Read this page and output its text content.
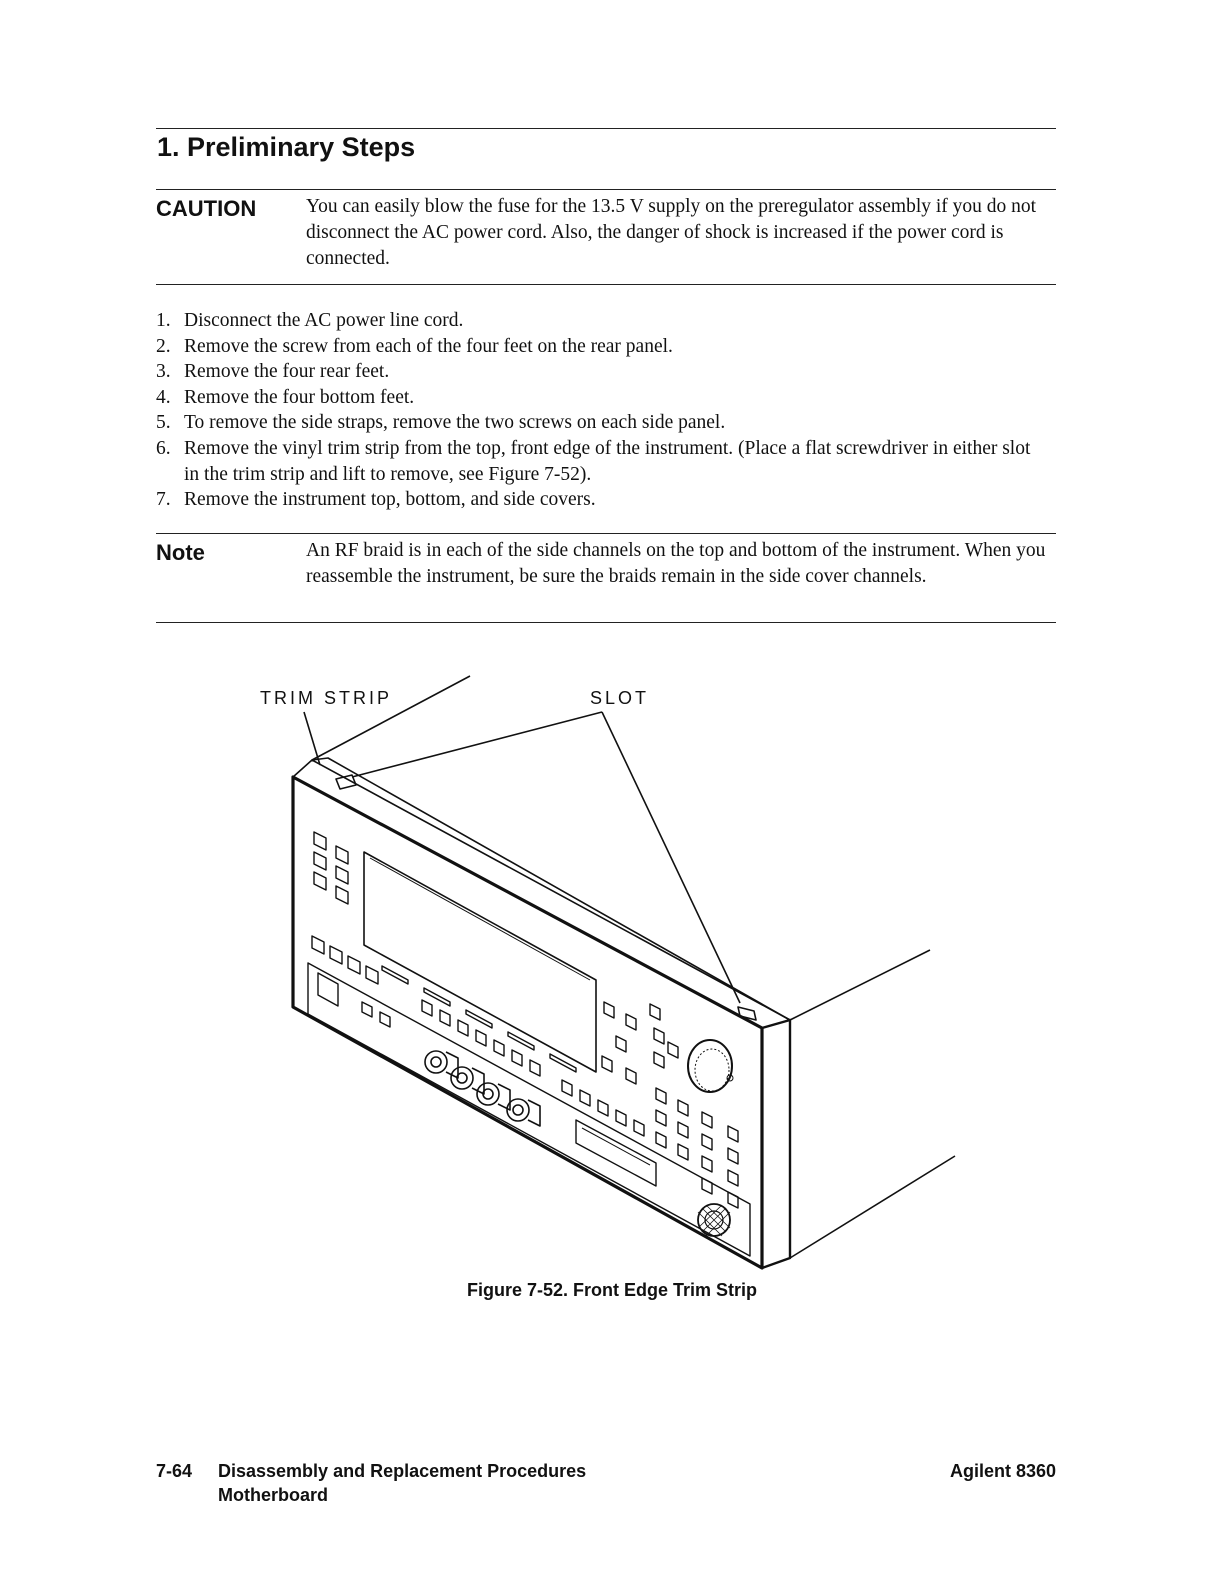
1. Preliminary Steps
CAUTION	You can easily blow the fuse for the 13.5 V supply on the preregulator assembly if you do not disconnect the AC power cord. Also, the danger of shock is increased if the power cord is connected.

1. Disconnect the AC power line cord.
2. Remove the screw from each of the four feet on the rear panel.
3. Remove the four rear feet.
4. Remove the four bottom feet.
5. To remove the side straps, remove the two screws on each side panel.
6. Remove the vinyl trim strip from the top, front edge of the instrument. (Place a flat screwdriver in either slot in the trim strip and lift to remove, see Figure 7-52).
7. Remove the instrument top, bottom, and side covers.
Note	An RF braid is in each of the side channels on the top and bottom of the instrument. When you reassemble the instrument, be sure the braids remain in the side cover channels.

TRIM STRIP	SLOT
Figure 7-52. Front Edge Trim Strip
7-64 Disassembly and Replacement Procedures
Motherboard
Agilent 8360
